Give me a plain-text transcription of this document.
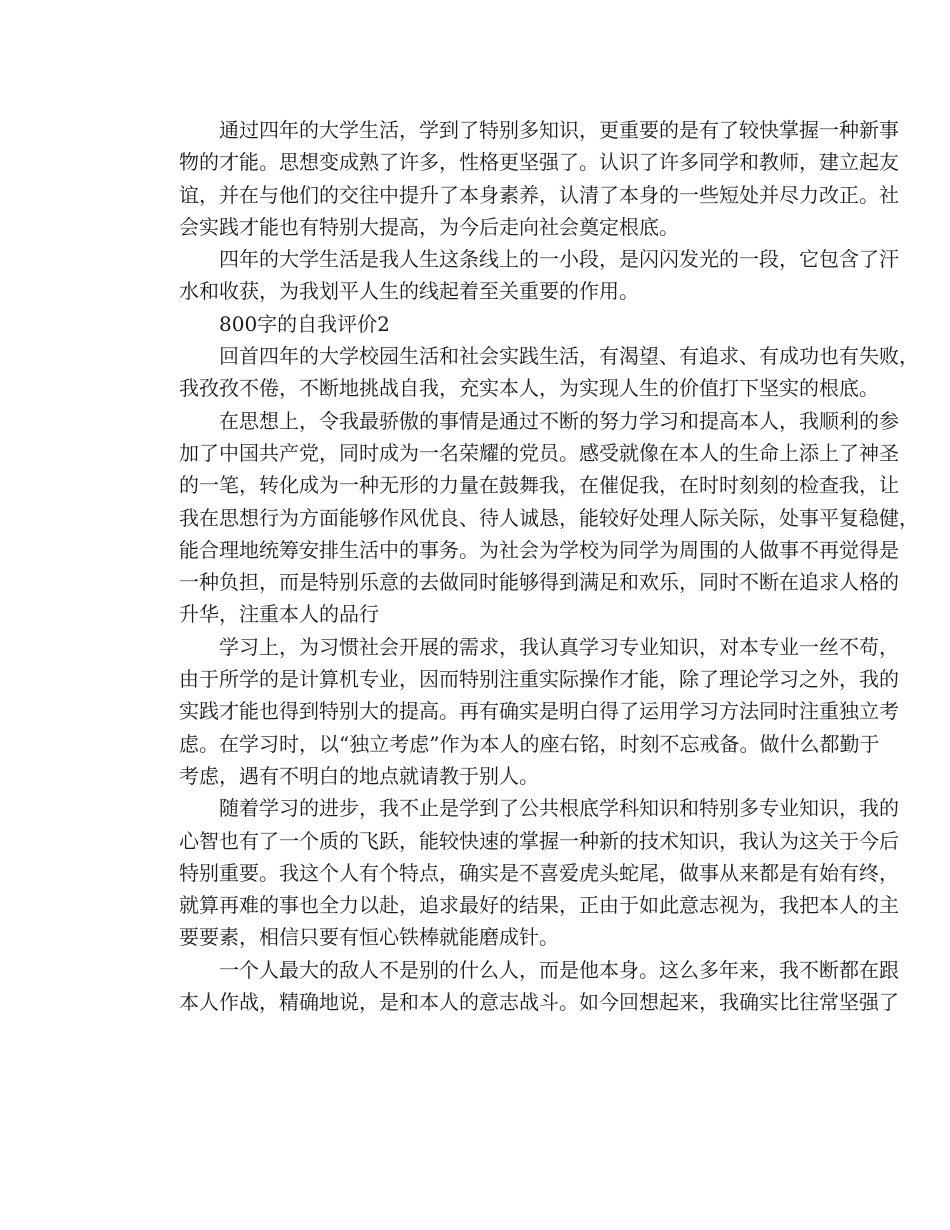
通过四年的大学生活，学到了特别多知识，更重要的是有了较快掌握一种新事
物的才能。思想变成熟了许多，性格更坚强了。认识了许多同学和教师，建立起友
谊，并在与他们的交往中提升了本身素养，认清了本身的一些短处并尽力改正。社
会实践才能也有特别大提高，为今后走向社会奠定根底。
四年的大学生活是我人生这条线上的一小段，是闪闪发光的一段，它包含了汗
水和收获，为我划平人生的线起着至关重要的作用。
800字的自我评价2
回首四年的大学校园生活和社会实践生活，有渴望、有追求、有成功也有失败，
我孜孜不倦，不断地挑战自我，充实本人，为实现人生的价值打下坚实的根底。
在思想上，令我最骄傲的事情是通过不断的努力学习和提高本人，我顺利的参
加了中国共产党，同时成为一名荣耀的党员。感受就像在本人的生命上添上了神圣
的一笔，转化成为一种无形的力量在鼓舞我，在催促我，在时时刻刻的检查我，让
我在思想行为方面能够作风优良、待人诚恳，能较好处理人际关际，处事平复稳健，
能合理地统筹安排生活中的事务。为社会为学校为同学为周围的人做事不再觉得是
一种负担，而是特别乐意的去做同时能够得到满足和欢乐，同时不断在追求人格的
升华，注重本人的品行
学习上，为习惯社会开展的需求，我认真学习专业知识，对本专业一丝不苟，
由于所学的是计算机专业，因而特别注重实际操作才能，除了理论学习之外，我的
实践才能也得到特别大的提高。再有确实是明白得了运用学习方法同时注重独立考
虑。在学习时，以“独立考虑”作为本人的座右铭，时刻不忘戒备。做什么都勤于
考虑，遇有不明白的地点就请教于别人。
随着学习的进步，我不止是学到了公共根底学科知识和特别多专业知识，我的
心智也有了一个质的飞跃，能较快速的掌握一种新的技术知识，我认为这关于今后
特别重要。我这个人有个特点，确实是不喜爱虎头蛇尾，做事从来都是有始有终，
就算再难的事也全力以赴，追求最好的结果，正由于如此意志视为，我把本人的主
要要素，相信只要有恒心铁棒就能磨成针。
一个人最大的敌人不是别的什么人，而是他本身。这么多年来，我不断都在跟
本人作战，精确地说，是和本人的意志战斗。如今回想起来，我确实比往常坚强了
